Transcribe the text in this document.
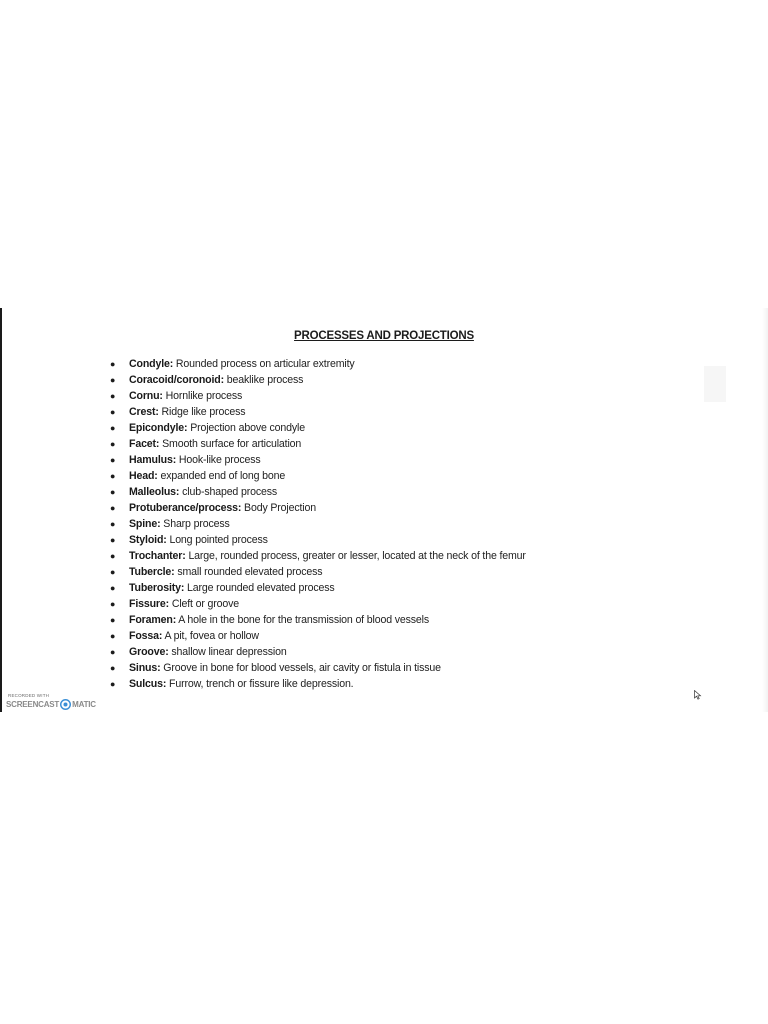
PROCESSES AND PROJECTIONS
● Condyle: Rounded process on articular extremity
● Coracoid/coronoid: beaklike process
● Cornu: Hornlike process
● Crest: Ridge like process
● Epicondyle: Projection above condyle
● Facet: Smooth surface for articulation
● Hamulus: Hook-like process
● Head: expanded end of long bone
● Malleolus: club-shaped process
● Protuberance/process: Body Projection
● Spine: Sharp process
● Styloid: Long pointed process
● Trochanter: Large, rounded process, greater or lesser, located at the neck of the femur
● Tubercle: small rounded elevated process
● Tuberosity: Large rounded elevated process
● Fissure: Cleft or groove
● Foramen: A hole in the bone for the transmission of blood vessels
● Fossa: A pit, fovea or hollow
● Groove: shallow linear depression
● Sinus: Groove in bone for blood vessels, air cavity or fistula in tissue
● Sulcus: Furrow, trench or fissure like depression.
RECORDED WITH
SCREENCAST MATIC
